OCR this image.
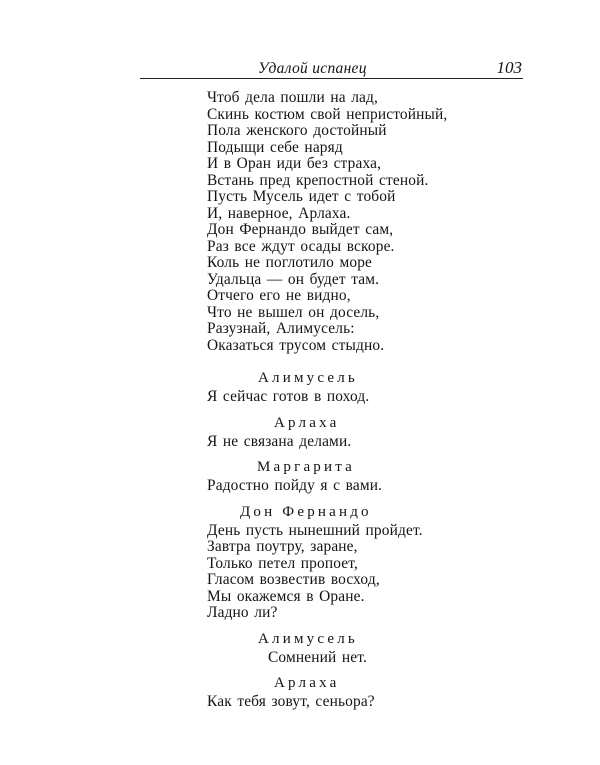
Удалой испанец	103
Чтоб дела пошли на лад,
Скинь костюм свой непристойный,
Пола женского достойный
Подыщи себе наряд
И в Оран иди без страха,
Встань пред крепостной стеной.
Пусть Мусель идет с тобой
И, наверное, Арлаха.
Дон Фернандо выйдет сам,
Раз все ждут осады вскоре.
Коль не поглотило море
Удальца — он будет там.
Отчего его не видно,
Что не вышел он досель,
Разузнай, Алимусель:
Оказаться трусом стыдно.
Алимусель
Я сейчас готов в поход.
Арлаха
Я не связана делами.
Маргарита
Радостно пойду я с вами.
Дон Фернандо
День пусть нынешний пройдет.
Завтра поутру, заране,
Только петел пропоет,
Гласом возвестив восход,
Мы окажемся в Оране.
Ладно ли?
Алимусель
Сомнений нет.
Арлаха
Как тебя зовут, сеньора?
